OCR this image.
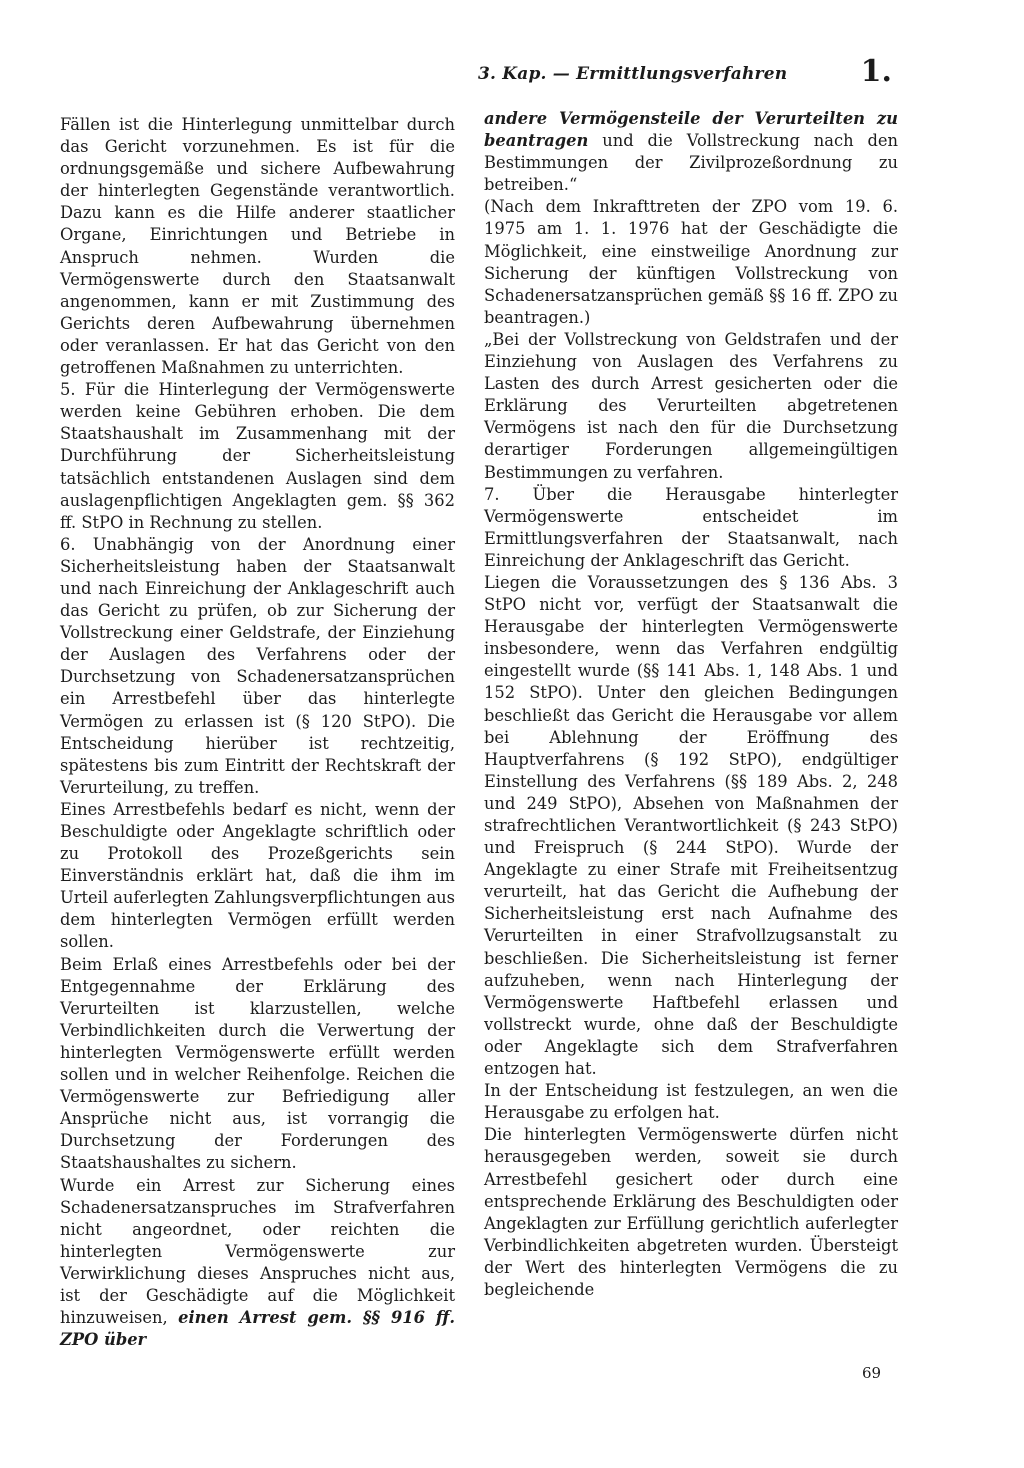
3. Kap. — Ermittlungsverfahren 1.

Fällen ist die Hinterlegung unmittelbar durch das Gericht vorzunehmen. Es ist für die ordnungsgemäße und sichere Aufbewahrung der hinterlegten Gegenstände verantwortlich. Dazu kann es die Hilfe anderer staatlicher Organe, Einrichtungen und Betriebe in Anspruch nehmen. Wurden die Vermögenswerte durch den Staatsanwalt angenommen, kann er mit Zustimmung des Gerichts deren Aufbewahrung übernehmen oder veranlassen. Er hat das Gericht von den getroffenen Maßnahmen zu unterrichten.

5. Für die Hinterlegung der Vermögenswerte werden keine Gebühren erhoben. Die dem Staatshaushalt im Zusammenhang mit der Durchführung der Sicherheitsleistung tatsächlich entstandenen Auslagen sind dem auslagenpflichtigen Angeklagten gem. §§ 362 ff. StPO in Rechnung zu stellen.

6. Unabhängig von der Anordnung einer Sicherheitsleistung haben der Staatsanwalt und nach Einreichung der Anklageschrift auch das Gericht zu prüfen, ob zur Sicherung der Vollstreckung einer Geldstrafe, der Einziehung der Auslagen des Verfahrens oder der Durchsetzung von Schadenersatzansprüchen ein Arrestbefehl über das hinterlegte Vermögen zu erlassen ist (§ 120 StPO). Die Entscheidung hierüber ist rechtzeitig, spätestens bis zum Eintritt der Rechtskraft der Verurteilung, zu treffen.

Eines Arrestbefehls bedarf es nicht, wenn der Beschuldigte oder Angeklagte schriftlich oder zu Protokoll des Prozeßgerichts sein Einverständnis erklärt hat, daß die ihm im Urteil auferlegten Zahlungsverpflichtungen aus dem hinterlegten Vermögen erfüllt werden sollen.

Beim Erlaß eines Arrestbefehls oder bei der Entgegennahme der Erklärung des Verurteilten ist klarzustellen, welche Verbindlichkeiten durch die Verwertung der hinterlegten Vermögenswerte erfüllt werden sollen und in welcher Reihenfolge. Reichen die Vermögenswerte zur Befriedigung aller Ansprüche nicht aus, ist vorrangig die Durchsetzung der Forderungen des Staatshaushaltes zu sichern.

Wurde ein Arrest zur Sicherung eines Schadenersatzanspruches im Strafverfahren nicht angeordnet, oder reichten die hinterlegten Vermögenswerte zur Verwirklichung dieses Anspruches nicht aus, ist der Geschädigte auf die Möglichkeit hinzuweisen, einen Arrest gem. §§ 916 ff. ZPO über

andere Vermögensteile der Verurteilten zu beantragen und die Vollstreckung nach den Bestimmungen der Zivilprozeßordnung zu betreiben.“

(Nach dem Inkrafttreten der ZPO vom 19. 6. 1975 am 1. 1. 1976 hat der Geschädigte die Möglichkeit, eine einstweilige Anordnung zur Sicherung der künftigen Vollstreckung von Schadenersatzansprüchen gemäß §§ 16 ff. ZPO zu beantragen.)

„Bei der Vollstreckung von Geldstrafen und der Einziehung von Auslagen des Verfahrens zu Lasten des durch Arrest gesicherten oder die Erklärung des Verurteilten abgetretenen Vermögens ist nach den für die Durchsetzung derartiger Forderungen allgemeingültigen Bestimmungen zu verfahren.

7. Über die Herausgabe hinterlegter Vermögenswerte entscheidet im Ermittlungsverfahren der Staatsanwalt, nach Einreichung der Anklageschrift das Gericht.

Liegen die Voraussetzungen des § 136 Abs. 3 StPO nicht vor, verfügt der Staatsanwalt die Herausgabe der hinterlegten Vermögenswerte insbesondere, wenn das Verfahren endgültig eingestellt wurde (§§ 141 Abs. 1, 148 Abs. 1 und 152 StPO). Unter den gleichen Bedingungen beschließt das Gericht die Herausgabe vor allem bei Ablehnung der Eröffnung des Hauptverfahrens (§ 192 StPO), endgültiger Einstellung des Verfahrens (§§ 189 Abs. 2, 248 und 249 StPO), Absehen von Maßnahmen der strafrechtlichen Verantwortlichkeit (§ 243 StPO) und Freispruch (§ 244 StPO). Wurde der Angeklagte zu einer Strafe mit Freiheitsentzug verurteilt, hat das Gericht die Aufhebung der Sicherheitsleistung erst nach Aufnahme des Verurteilten in einer Strafvollzugsanstalt zu beschließen. Die Sicherheitsleistung ist ferner aufzuheben, wenn nach Hinterlegung der Vermögenswerte Haftbefehl erlassen und vollstreckt wurde, ohne daß der Beschuldigte oder Angeklagte sich dem Strafverfahren entzogen hat.

In der Entscheidung ist festzulegen, an wen die Herausgabe zu erfolgen hat.

Die hinterlegten Vermögenswerte dürfen nicht herausgegeben werden, soweit sie durch Arrestbefehl gesichert oder durch eine entsprechende Erklärung des Beschuldigten oder Angeklagten zur Erfüllung gerichtlich auferlegter Verbindlichkeiten abgetreten wurden. Übersteigt der Wert des hinterlegten Vermögens die zu begleichende

69
